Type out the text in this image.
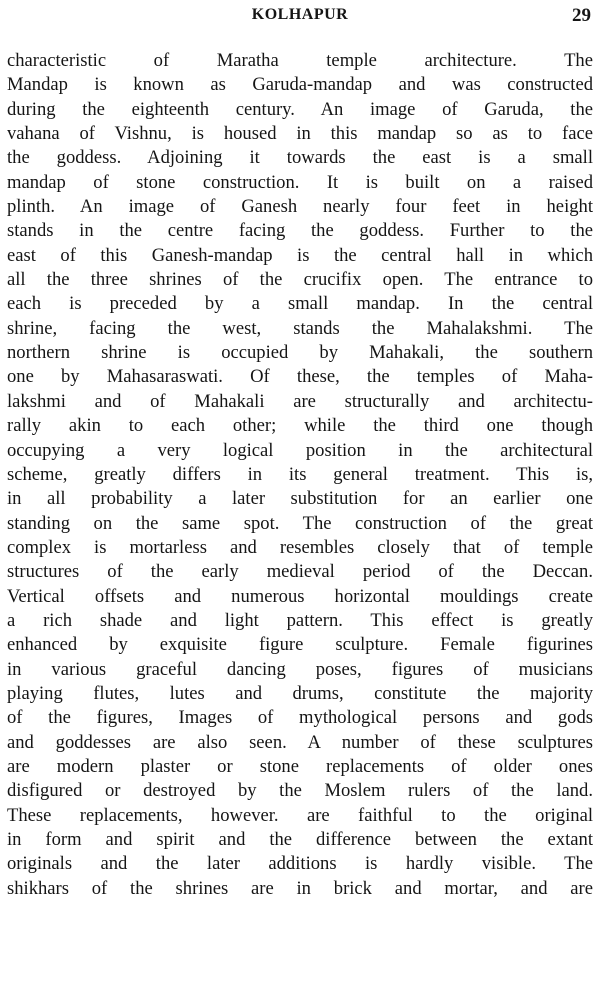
KOLHAPUR	29
characteristic of Maratha temple architecture. The
Mandap is known as Garuda-mandap and was constructed
during the eighteenth century. An image of Garuda, the
vahana of Vishnu, is housed in this mandap so as to face
the goddess. Adjoining it towards the east is a small
mandap of stone construction. It is built on a raised
plinth. An image of Ganesh nearly four feet in height
stands in the centre facing the goddess. Further to the
east of this Ganesh-mandap is the central hall in which
all the three shrines of the crucifix open. The entrance to
each is preceded by a small mandap. In the central
shrine, facing the west, stands the Mahalakshmi. The
northern shrine is occupied by Mahakali, the southern
one by Mahasaraswati. Of these, the temples of Maha-
lakshmi and of Mahakali are structurally and architectu-
rally akin to each other; while the third one though
occupying a very logical position in the architectural
scheme, greatly differs in its general treatment. This is,
in all probability a later substitution for an earlier one
standing on the same spot. The construction of the great
complex is mortarless and resembles closely that of temple
structures of the early medieval period of the Deccan.
Vertical offsets and numerous horizontal mouldings create
a rich shade and light pattern. This effect is greatly
enhanced by exquisite figure sculpture. Female figurines
in various graceful dancing poses, figures of musicians
playing flutes, lutes and drums, constitute the majority
of the figures, Images of mythological persons and gods
and goddesses are also seen. A number of these sculptures
are modern plaster or stone replacements of older ones
disfigured or destroyed by the Moslem rulers of the land.
These replacements, however. are faithful to the original
in form and spirit and the difference between the extant
originals and the later additions is hardly visible. The
shikhars of the shrines are in brick and mortar, and are
